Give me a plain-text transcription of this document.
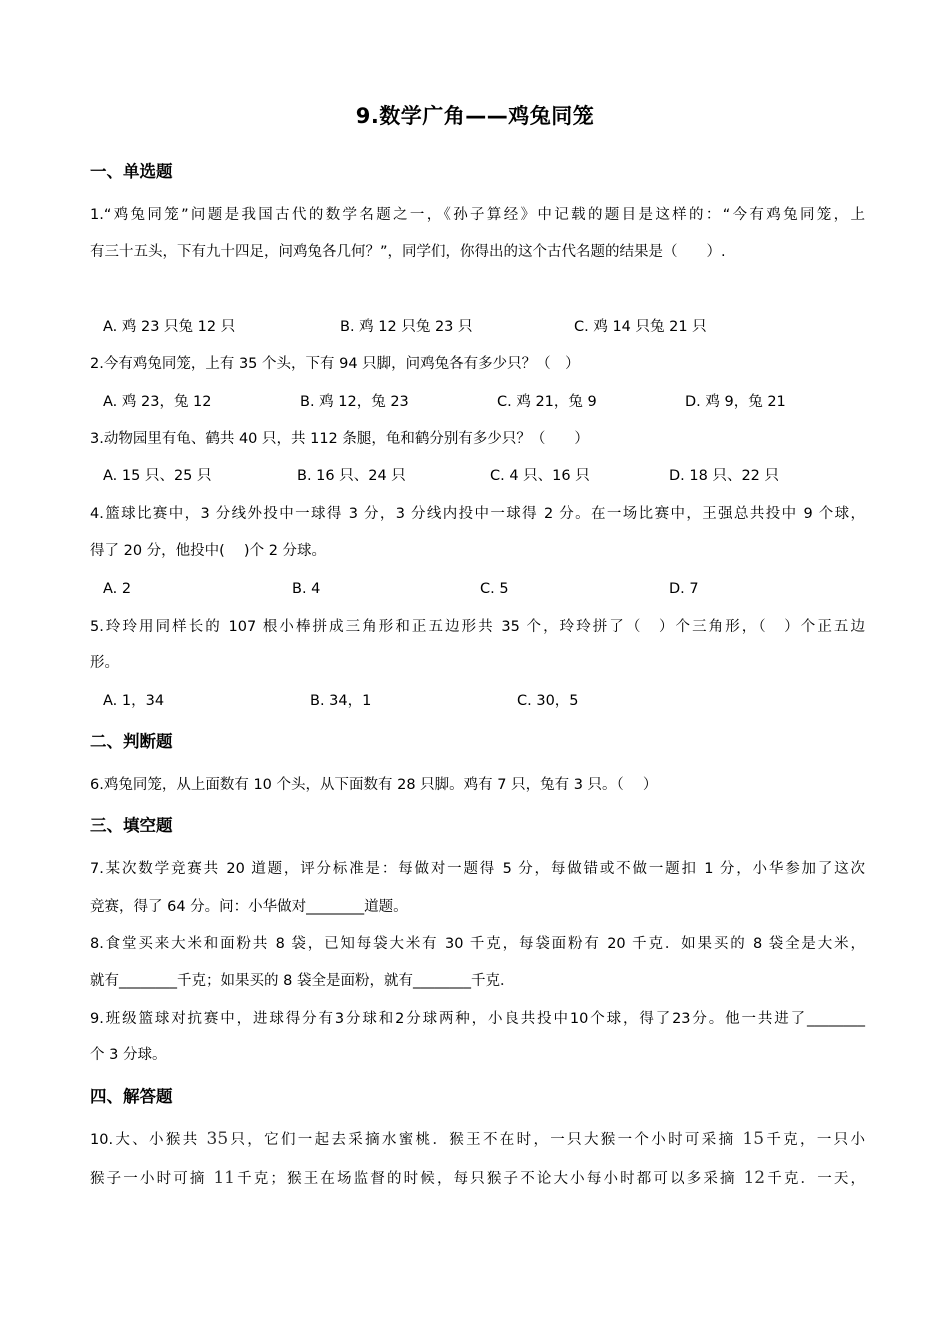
9.数学广角——鸡兔同笼
一、单选题
1.“鸡兔同笼”问题是我国古代的数学名题之一，《孙子算经》中记载的题目是这样的：“今有鸡兔同笼，上
有三十五头，下有九十四足，问鸡兔各几何？”，同学们，你得出的这个古代名题的结果是（　　）.
A. 鸡 23 只兔 12 只	B. 鸡 12 只兔 23 只	C. 鸡 14 只兔 21 只
2.今有鸡兔同笼，上有 35 个头，下有 94 只脚，问鸡兔各有多少只？（　）
A. 鸡 23，兔 12	B. 鸡 12，兔 23	C. 鸡 21，兔 9	D. 鸡 9，兔 21
3.动物园里有龟、鹤共 40 只，共 112 条腿，龟和鹤分别有多少只？（　　）
A. 15 只、25 只	B. 16 只、24 只	C. 4 只、16 只	D. 18 只、22 只
4.篮球比赛中，3 分线外投中一球得 3 分，3 分线内投中一球得 2 分。在一场比赛中，王强总共投中 9 个球，
得了 20 分，他投中(　 )个 2 分球。
A. 2	B. 4	C. 5	D. 7
5.玲玲用同样长的 107 根小棒拼成三角形和正五边形共 35 个，玲玲拼了（　）个三角形，（　）个正五边
形。
A. 1，34	B. 34，1	C. 30，5
二、判断题
6.鸡兔同笼，从上面数有 10 个头，从下面数有 28 只脚。鸡有 7 只，兔有 3 只。（　 ）
三、填空题
7.某次数学竞赛共 20 道题，评分标准是：每做对一题得 5 分，每做错或不做一题扣 1 分，小华参加了这次
竞赛，得了 64 分。问：小华做对________道题。
8.食堂买来大米和面粉共 8 袋，已知每袋大米有 30 千克，每袋面粉有 20 千克．如果买的 8 袋全是大米，
就有________千克；如果买的 8 袋全是面粉，就有________千克．
9.班级篮球对抗赛中，进球得分有3分球和2分球两种，小良共投中10个球，得了23分。他一共进了________
个 3 分球。
四、解答题
10.大、小猴共 35只，它们一起去采摘水蜜桃．猴王不在时，一只大猴一个小时可采摘 15千克，一只小
猴子一小时可摘 11千克；猴王在场监督的时候，每只猴子不论大小每小时都可以多采摘 12千克．一天，
